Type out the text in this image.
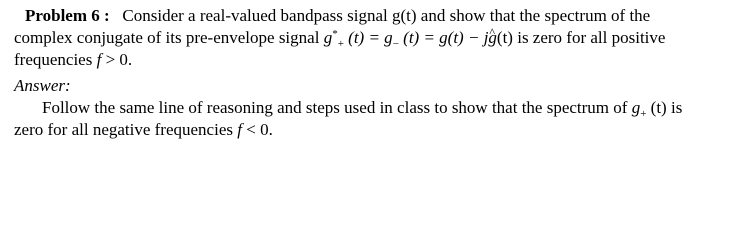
Problem 6 : Consider a real-valued bandpass signal g(t) and show that the spectrum of the
complex conjugate of its pre-envelope signal $g^*_+$ $(t) = g_-$ (t) = g(t) − j^ g(t) is zero for all positive
frequencies f > 0.
Answer:
Follow the same line of reasoning and steps used in class to show that the spectrum of $g_+$ (t) is
zero for all negative frequencies f < 0.
